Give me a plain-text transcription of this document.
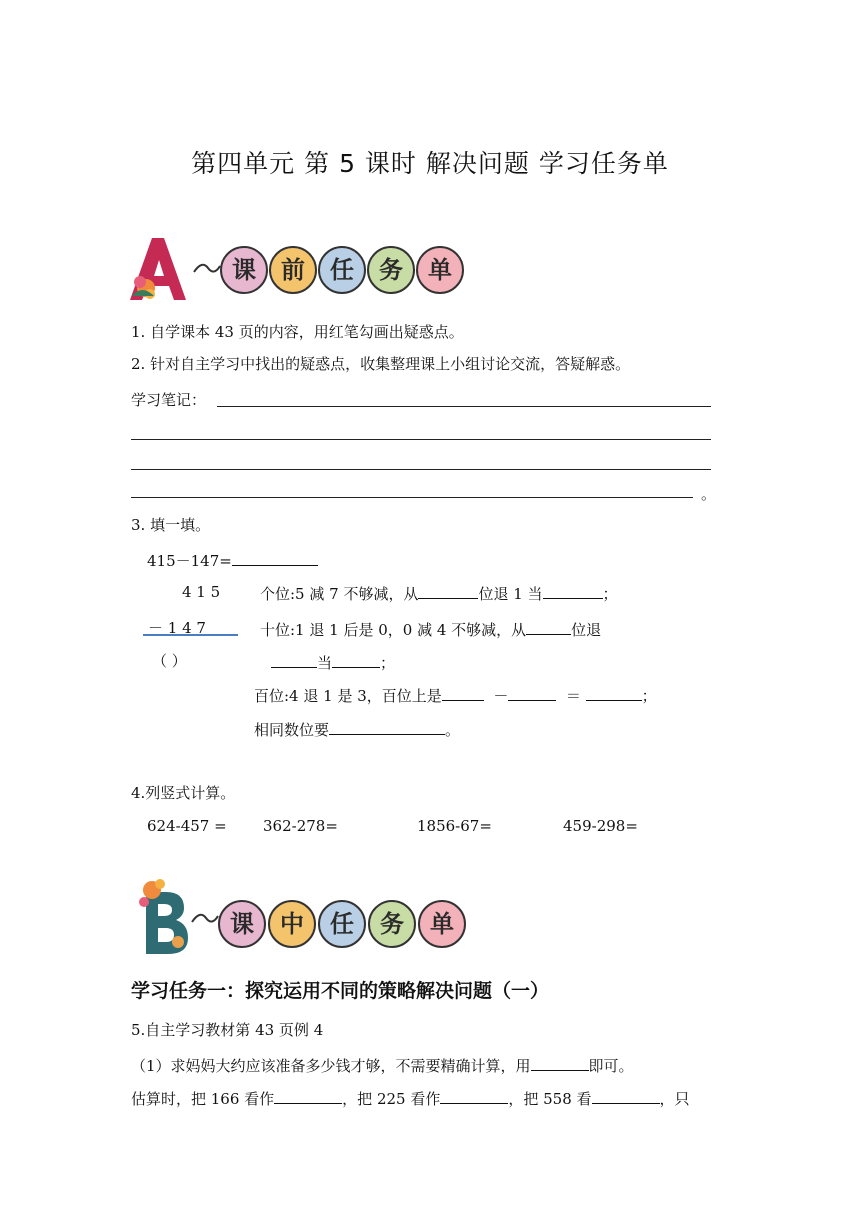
第四单元 第 5 课时 解决问题 学习任务单
课	前	任	务	单
1. 自学课本 43 页的内容，用红笔勾画出疑惑点。
2. 针对自主学习中找出的疑惑点，收集整理课上小组讨论交流，答疑解惑。
学习笔记：
。
3. 填一填。
415－147=
4 1 5
－ 1 4 7
（ ）
个位:5 减 7 不够减，从	位退 1 当	；
十位:1 退 1 后是 0，0 减 4 不够减，从	位退
当	；
百位:4 退 1 是 3，百位上是	－	＝	；
相同数位要	。
4.列竖式计算。
624-457 = 362-278=	1856-67=	459-298=
课	中	任	务	单
学习任务一：探究运用不同的策略解决问题（一）
5.自主学习教材第 43 页例 4
（1）求妈妈大约应该准备多少钱才够，不需要精确计算，用	即可。
估算时，把 166 看作	，把 225 看作	，把 558 看	，只
